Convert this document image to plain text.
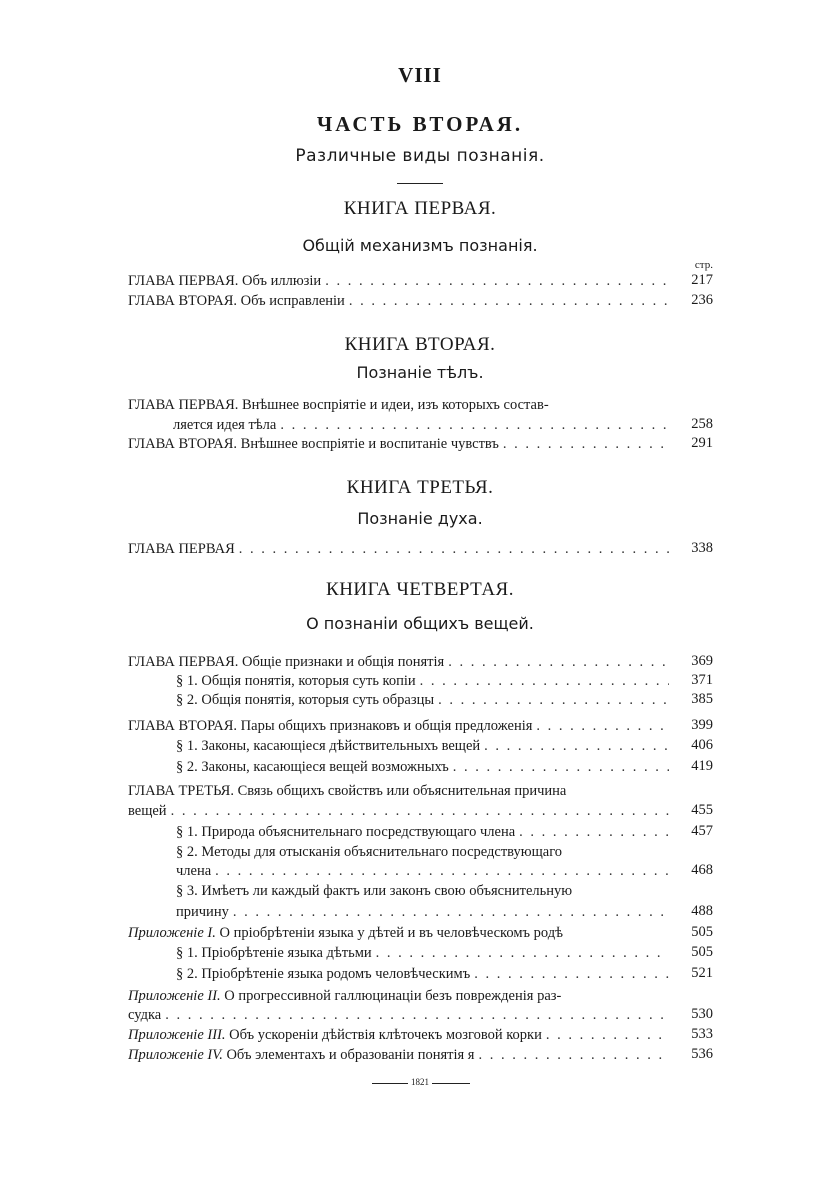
VIII
ЧАСТЬ ВТОРАЯ.
Различные виды познанія.
КНИГА ПЕРВАЯ.
Общій механизмъ познанія.
стр.
ГЛАВА ПЕРВАЯ. Объ иллюзіи . . .	217
ГЛАВА ВТОРАЯ. Объ исправленіи . . .	236
КНИГА ВТОРАЯ.
Познаніе тѣлъ.
ГЛАВА ПЕРВАЯ. Внѣшнее воспріятіе и идеи, изъ которыхъ состав-
ляется идея тѣла . . .	258
ГЛАВА ВТОРАЯ. Внѣшнее воспріятіе и воспитаніе чувствъ . . .	291
КНИГА ТРЕТЬЯ.
Познаніе духа.
ГЛАВА ПЕРВАЯ . . .	338
КНИГА ЧЕТВЕРТАЯ.
О познаніи общихъ вещей.
ГЛАВА ПЕРВАЯ. Общіе признаки и общія понятія . . .	369
§ 1. Общія понятія, которыя суть копіи . . .	371
§ 2. Общія понятія, которыя суть образцы . . .	385
ГЛАВА ВТОРАЯ. Пары общихъ признаковъ и общія предложенія . . .	399
§ 1. Законы, касающіеся дѣйствительныхъ вещей . . .	406
§ 2. Законы, касающіеся вещей возможныхъ . . .	419
ГЛАВА ТРЕТЬЯ. Связь общихъ свойствъ или объяснительная причина
вещей . . .	455
§ 1. Природа объяснительнаго посредствующаго члена . . .	457
§ 2. Методы для отысканія объяснительнаго посредствующаго
члена . . .	468
§ 3. Имѣетъ ли каждый фактъ или законъ свою объяснительную
причину . . .	488
Приложеніе I. О пріобрѣтеніи языка у дѣтей и въ человѣческомъ родѣ	505
§ 1. Пріобрѣтеніе языка дѣтьми . . .	505
§ 2. Пріобрѣтеніе языка родомъ человѣческимъ . . .	521
Приложеніе II. О прогрессивной галлюцинаціи безъ поврежденія раз-
судка . . .	530
Приложеніе III. Объ ускореніи дѣйствія клѣточекъ мозговой корки . . .	533
Приложеніе IV. Объ элементахъ и образованіи понятія я . . .	536
1821
